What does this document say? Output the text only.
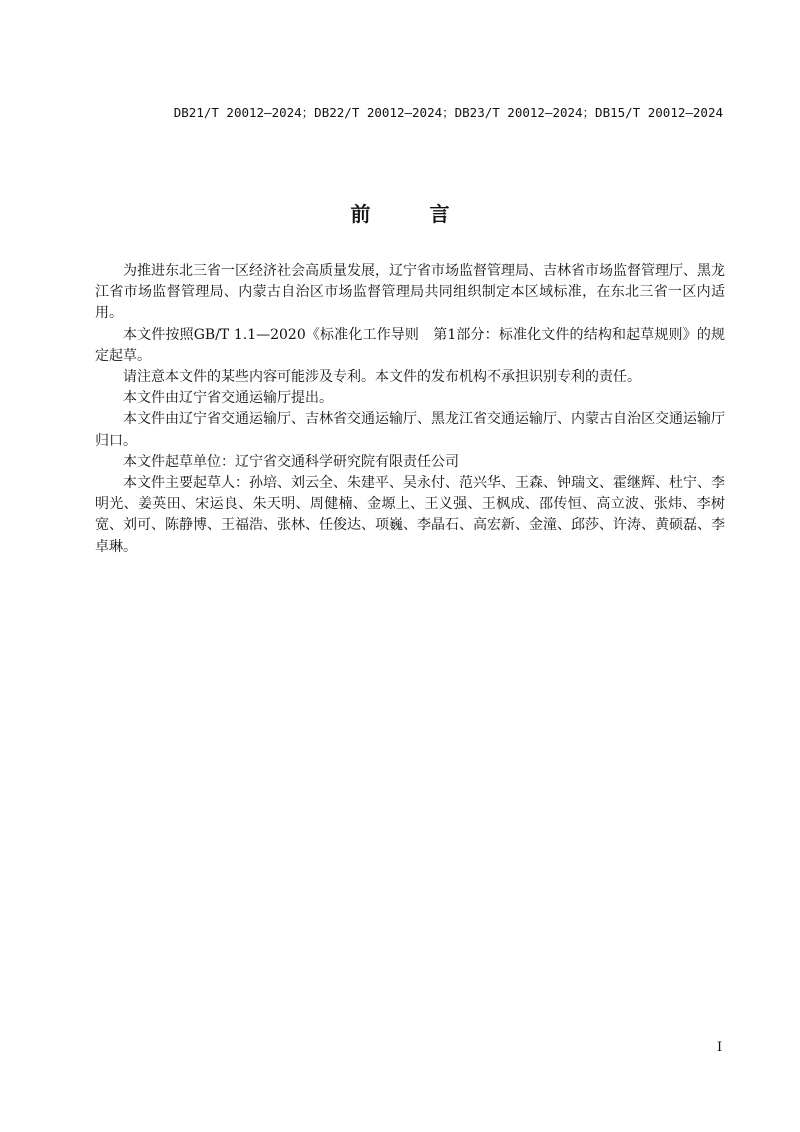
DB21/T 20012—2024；DB22/T 20012—2024；DB23/T 20012—2024；DB15/T 20012—2024
前 言

为推进东北三省一区经济社会高质量发展，辽宁省市场监督管理局、吉林省市场监督管理厅、黑龙江省市场监督管理局、内蒙古自治区市场监督管理局共同组织制定本区域标准，在东北三省一区内适用。

本文件按照GB/T 1.1—2020《标准化工作导则　第1部分：标准化文件的结构和起草规则》的规定起草。

请注意本文件的某些内容可能涉及专利。本文件的发布机构不承担识别专利的责任。

本文件由辽宁省交通运输厅提出。

本文件由辽宁省交通运输厅、吉林省交通运输厅、黑龙江省交通运输厅、内蒙古自治区交通运输厅归口。

本文件起草单位：辽宁省交通科学研究院有限责任公司

本文件主要起草人：孙培、刘云全、朱建平、吴永付、范兴华、王森、钟瑞文、霍继辉、杜宁、李明光、姜英田、宋运良、朱天明、周健楠、金塬上、王义强、王枫成、邵传恒、高立波、张炜、李树宽、刘可、陈静博、王福浩、张林、任俊达、项巍、李晶石、高宏新、金潼、邱莎、许涛、黄硕磊、李卓琳。

I
